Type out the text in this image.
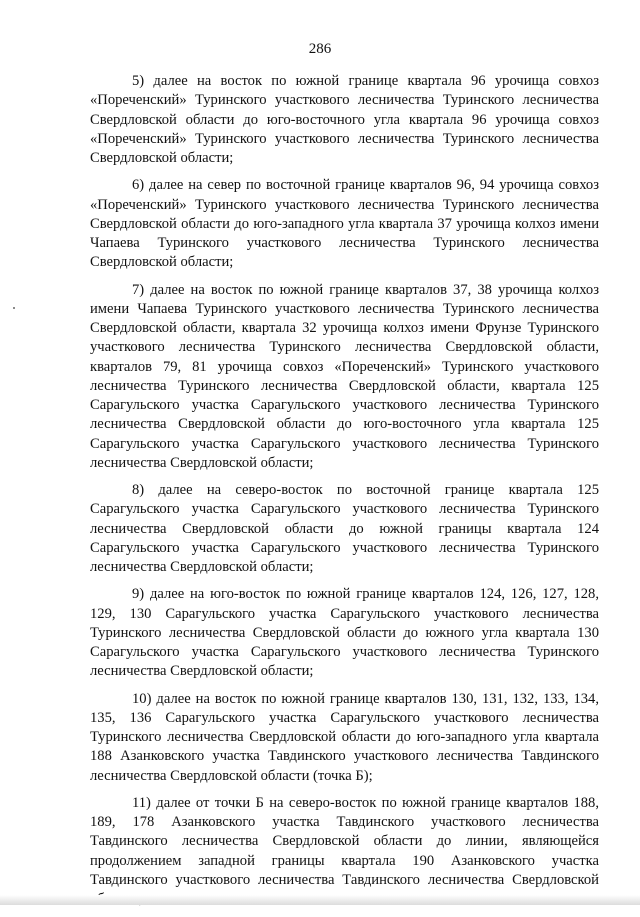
286

5) далее на восток по южной границе квартала 96 урочища совхоз «Пореченский» Туринского участкового лесничества Туринского лесничества Свердловской области до юго-восточного угла квартала 96 урочища совхоз «Пореченский» Туринского участкового лесничества Туринского лесничества Свердловской области;

6) далее на север по восточной границе кварталов 96, 94 урочища совхоз «Пореченский» Туринского участкового лесничества Туринского лесничества Свердловской области до юго-западного угла квартала 37 урочища колхоз имени Чапаева Туринского участкового лесничества Туринского лесничества Свердловской области;

7) далее на восток по южной границе кварталов 37, 38 урочища колхоз имени Чапаева Туринского участкового лесничества Туринского лесничества Свердловской области, квартала 32 урочища колхоз имени Фрунзе Туринского участкового лесничества Туринского лесничества Свердловской области, кварталов 79, 81 урочища совхоз «Пореченский» Туринского участкового лесничества Туринского лесничества Свердловской области, квартала 125 Сарагульского участка Сарагульского участкового лесничества Туринского лесничества Свердловской области до юго-восточного угла квартала 125 Сарагульского участка Сарагульского участкового лесничества Туринского лесничества Свердловской области;

8) далее на северо-восток по восточной границе квартала 125 Сарагульского участка Сарагульского участкового лесничества Туринского лесничества Свердловской области до южной границы квартала 124 Сарагульского участка Сарагульского участкового лесничества Туринского лесничества Свердловской области;

9) далее на юго-восток по южной границе кварталов 124, 126, 127, 128, 129, 130 Сарагульского участка Сарагульского участкового лесничества Туринского лесничества Свердловской области до южного угла квартала 130 Сарагульского участка Сарагульского участкового лесничества Туринского лесничества Свердловской области;

10) далее на восток по южной границе кварталов 130, 131, 132, 133, 134, 135, 136 Сарагульского участка Сарагульского участкового лесничества Туринского лесничества Свердловской области до юго-западного угла квартала 188 Азанковского участка Тавдинского участкового лесничества Тавдинского лесничества Свердловской области (точка Б);

11) далее от точки Б на северо-восток по южной границе кварталов 188, 189, 178 Азанковского участка Тавдинского участкового лесничества Тавдинского лесничества Свердловской области до линии, являющейся продолжением западной границы квартала 190 Азанковского участка Тавдинского участкового лесничества Тавдинского лесничества Свердловской
